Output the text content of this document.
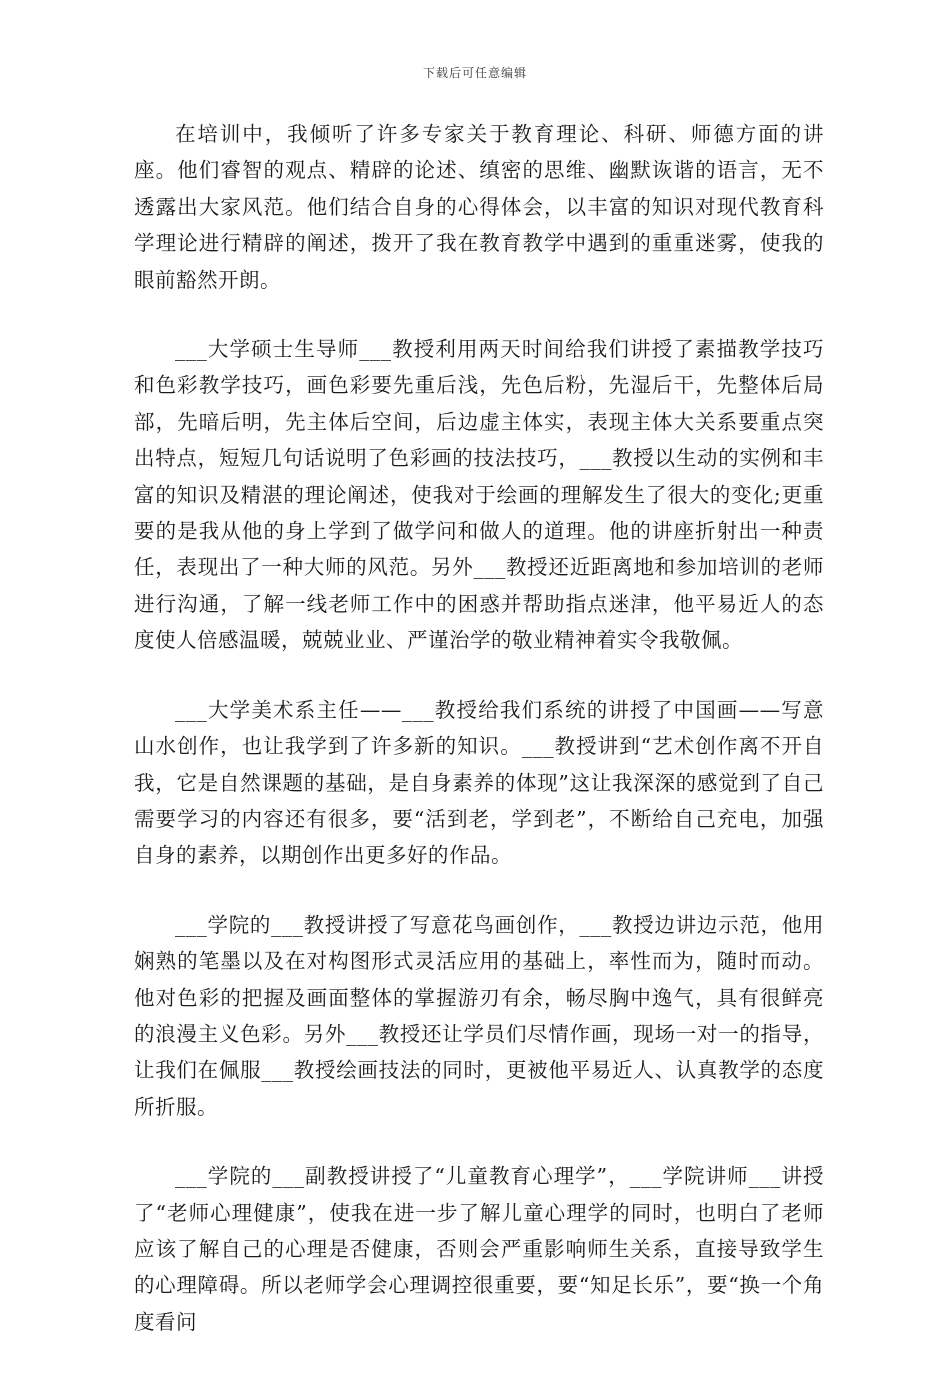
下载后可任意编辑

在培训中，我倾听了许多专家关于教育理论、科研、师德方面的讲座。他们睿智的观点、精辟的论述、缜密的思维、幽默诙谐的语言，无不透露出大家风范。他们结合自身的心得体会，以丰富的知识对现代教育科学理论进行精辟的阐述，拨开了我在教育教学中遇到的重重迷雾，使我的眼前豁然开朗。

___大学硕士生导师___教授利用两天时间给我们讲授了素描教学技巧和色彩教学技巧，画色彩要先重后浅，先色后粉，先湿后干，先整体后局部，先暗后明，先主体后空间，后边虚主体实，表现主体大关系要重点突出特点，短短几句话说明了色彩画的技法技巧，___教授以生动的实例和丰富的知识及精湛的理论阐述，使我对于绘画的理解发生了很大的变化;更重要的是我从他的身上学到了做学问和做人的道理。他的讲座折射出一种责任，表现出了一种大师的风范。另外___教授还近距离地和参加培训的老师进行沟通，了解一线老师工作中的困惑并帮助指点迷津，他平易近人的态度使人倍感温暖，兢兢业业、严谨治学的敬业精神着实令我敬佩。

___大学美术系主任——___教授给我们系统的讲授了中国画——写意山水创作，也让我学到了许多新的知识。___教授讲到“艺术创作离不开自我，它是自然课题的基础，是自身素养的体现”这让我深深的感觉到了自己需要学习的内容还有很多，要“活到老，学到老”，不断给自己充电，加强自身的素养，以期创作出更多好的作品。

___学院的___教授讲授了写意花鸟画创作，___教授边讲边示范，他用娴熟的笔墨以及在对构图形式灵活应用的基础上，率性而为，随时而动。他对色彩的把握及画面整体的掌握游刃有余，畅尽胸中逸气，具有很鲜亮的浪漫主义色彩。另外___教授还让学员们尽情作画，现场一对一的指导，让我们在佩服___教授绘画技法的同时，更被他平易近人、认真教学的态度所折服。

___学院的___副教授讲授了“儿童教育心理学”，___学院讲师___讲授了“老师心理健康”，使我在进一步了解儿童心理学的同时，也明白了老师应该了解自己的心理是否健康，否则会严重影响师生关系，直接导致学生的心理障碍。所以老师学会心理调控很重要，要“知足长乐”，要“换一个角度看问
